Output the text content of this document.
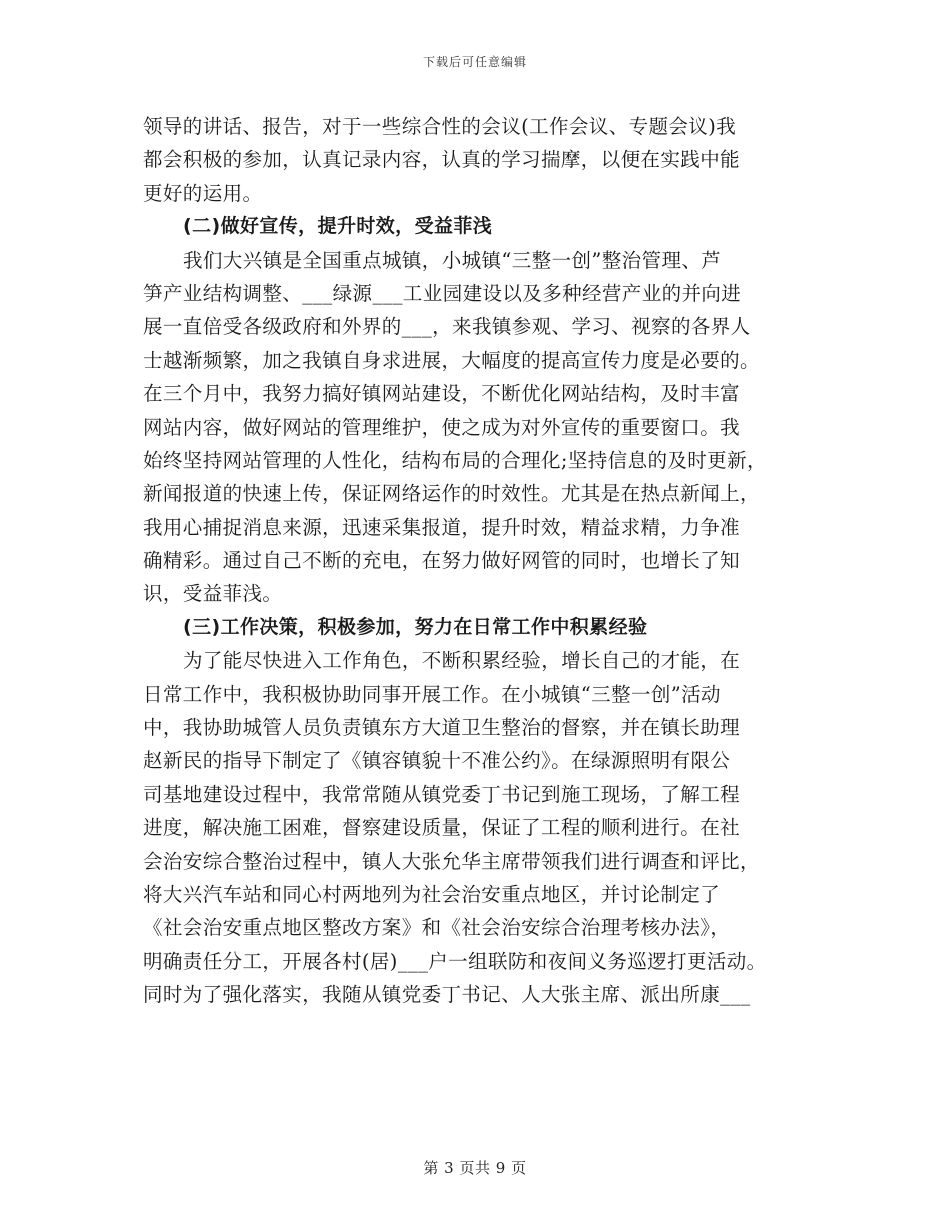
下载后可任意编辑
领导的讲话、报告，对于一些综合性的会议(工作会议、专题会议)我
都会积极的参加，认真记录内容，认真的学习揣摩，以便在实践中能
更好的运用。
(二)做好宣传，提升时效，受益菲浅
我们大兴镇是全国重点城镇，小城镇“三整一创”整治管理、芦
笋产业结构调整、___绿源___工业园建设以及多种经营产业的并向进
展一直倍受各级政府和外界的___，来我镇参观、学习、视察的各界人
士越渐频繁，加之我镇自身求进展，大幅度的提高宣传力度是必要的。
在三个月中，我努力搞好镇网站建设，不断优化网站结构，及时丰富
网站内容，做好网站的管理维护，使之成为对外宣传的重要窗口。我
始终坚持网站管理的人性化，结构布局的合理化;坚持信息的及时更新，
新闻报道的快速上传，保证网络运作的时效性。尤其是在热点新闻上，
我用心捕捉消息来源，迅速采集报道，提升时效，精益求精，力争准
确精彩。通过自己不断的充电，在努力做好网管的同时，也增长了知
识，受益菲浅。
(三)工作决策，积极参加，努力在日常工作中积累经验
为了能尽快进入工作角色，不断积累经验，增长自己的才能，在
日常工作中，我积极协助同事开展工作。在小城镇“三整一创”活动
中，我协助城管人员负责镇东方大道卫生整治的督察，并在镇长助理
赵新民的指导下制定了《镇容镇貌十不准公约》。在绿源照明有限公
司基地建设过程中，我常常随从镇党委丁书记到施工现场，了解工程
进度，解决施工困难，督察建设质量，保证了工程的顺利进行。在社
会治安综合整治过程中，镇人大张允华主席带领我们进行调查和评比，
将大兴汽车站和同心村两地列为社会治安重点地区，并讨论制定了
《社会治安重点地区整改方案》和《社会治安综合治理考核办法》，
明确责任分工，开展各村(居)___户一组联防和夜间义务巡逻打更活动。
同时为了强化落实，我随从镇党委丁书记、人大张主席、派出所康___
第 3 页共 9 页
